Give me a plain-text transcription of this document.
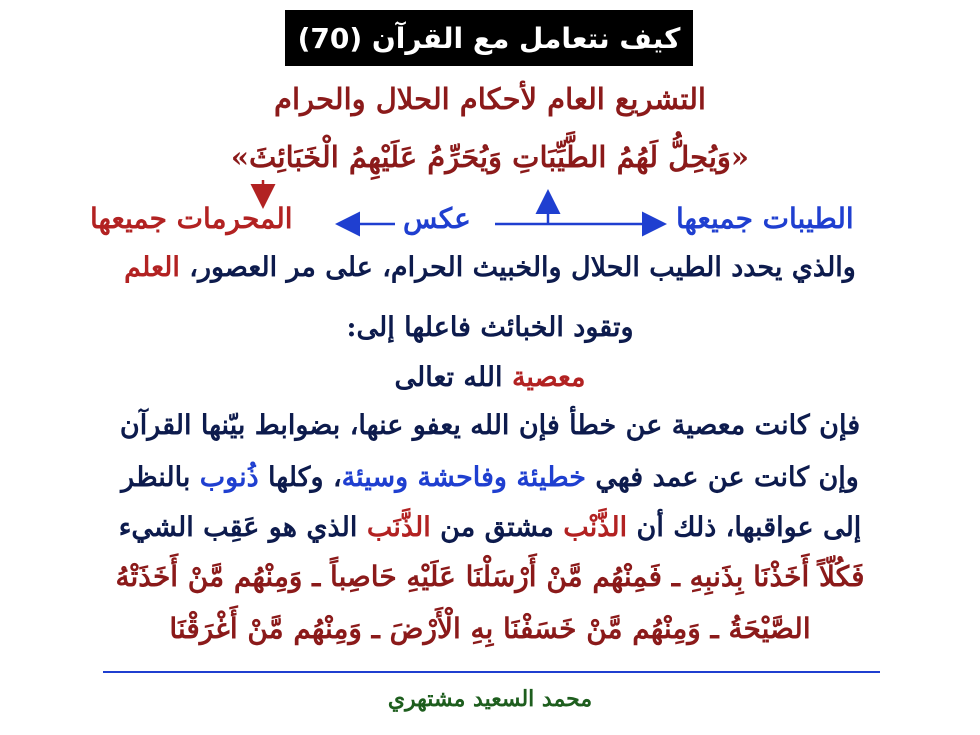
كيف نتعامل مع القرآن (70)
التشريع العام لأحكام الحلال والحرام
«وَيُحِلُّ لَهُمُ الطَّيِّبَاتِ وَيُحَرِّمُ عَلَيْهِمُ الْخَبَائِثَ»
الطيبات جميعها
عكس
المحرمات جميعها
والذي يحدد الطيب الحلال والخبيث الحرام، على مر العصور، العلم
وتقود الخبائث فاعلها إلى:
معصية الله تعالى
فإن كانت معصية عن خطأ فإن الله يعفو عنها، بضوابط بيّنها القرآن
وإن كانت عن عمد فهي خطيئة وفاحشة وسيئة، وكلها ذُنوب بالنظر
إلى عواقبها، ذلك أن الذَّنْب مشتق من الذَّنَب الذي هو عَقِب الشيء
فَكُلّاً أَخَذْنَا بِذَنبِهِ ـ فَمِنْهُم مَّنْ أَرْسَلْنَا عَلَيْهِ حَاصِباً ـ وَمِنْهُم مَّنْ أَخَذَتْهُ
الصَّيْحَةُ ـ وَمِنْهُم مَّنْ خَسَفْنَا بِهِ الْأَرْضَ ـ وَمِنْهُم مَّنْ أَغْرَقْنَا
محمد السعيد مشتهري
